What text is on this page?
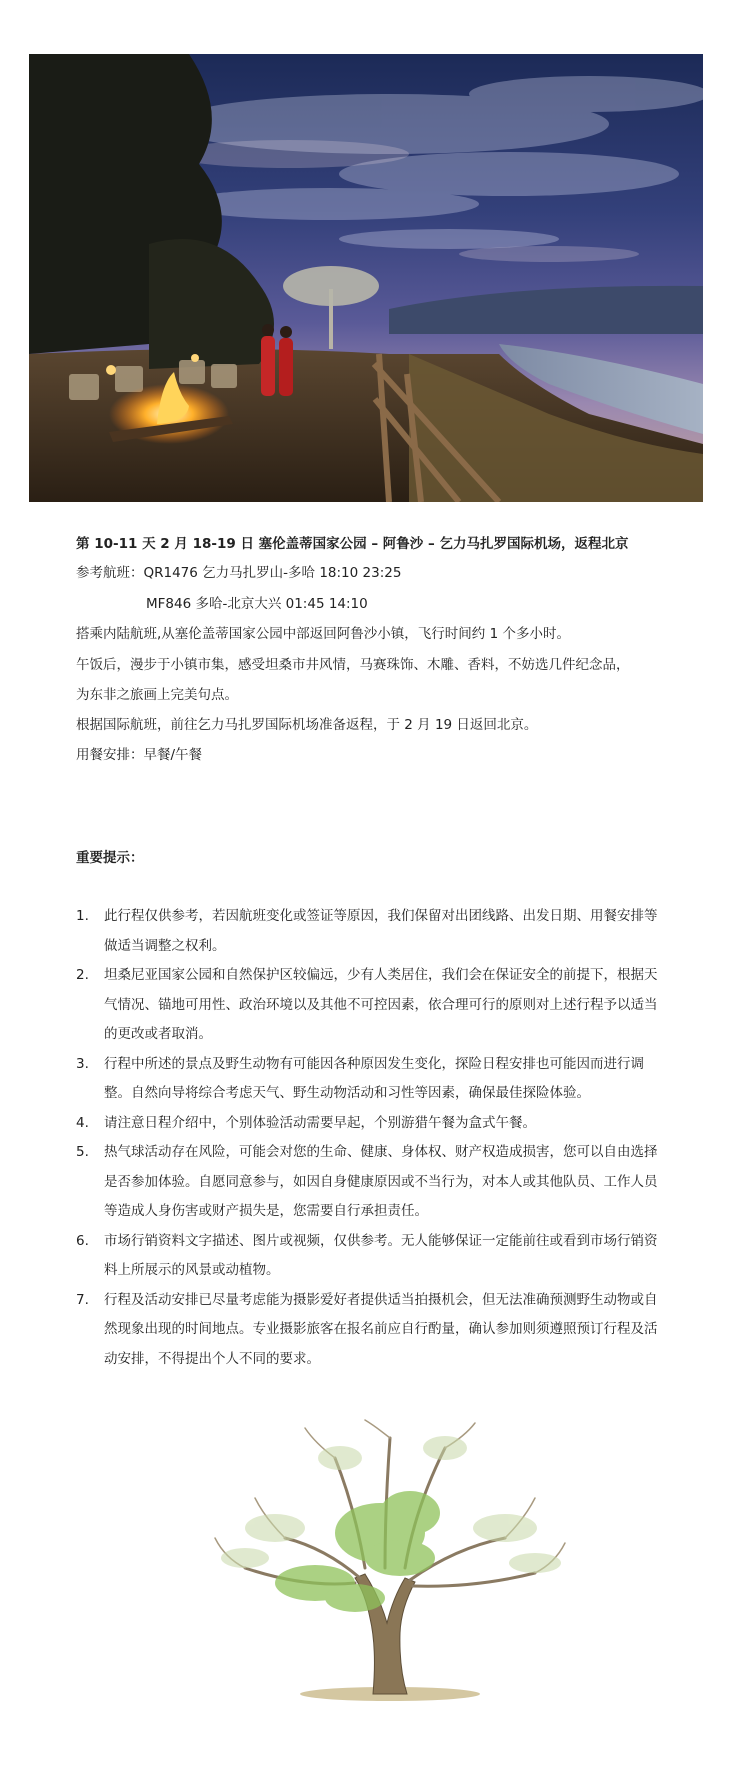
第 10-11 天 2 月 18-19 日 塞伦盖蒂国家公园 – 阿鲁沙 – 乞力马扎罗国际机场，返程北京
参考航班：QR1476 乞力马扎罗山-多哈 18:10 23:25
MF846 多哈-北京大兴 01:45 14:10
搭乘内陆航班,从塞伦盖蒂国家公园中部返回阿鲁沙小镇，飞行时间约 1 个多小时。
午饭后，漫步于小镇市集，感受坦桑市井风情，马赛珠饰、木雕、香料，不妨选几件纪念品，
为东非之旅画上完美句点。
根据国际航班，前往乞力马扎罗国际机场准备返程，于 2 月 19 日返回北京。
用餐安排：早餐/午餐
重要提示：
1. 此行程仅供参考，若因航班变化或签证等原因，我们保留对出团线路、出发日期、用餐安排等做适当调整之权利。
2. 坦桑尼亚国家公园和自然保护区较偏远，少有人类居住，我们会在保证安全的前提下，根据天气情况、锚地可用性、政治环境以及其他不可控因素，依合理可行的原则对上述行程予以适当的更改或者取消。
3. 行程中所述的景点及野生动物有可能因各种原因发生变化，探险日程安排也可能因而进行调整。自然向导将综合考虑天气、野生动物活动和习性等因素，确保最佳探险体验。
4. 请注意日程介绍中，个别体验活动需要早起，个别游猎午餐为盒式午餐。
5. 热气球活动存在风险，可能会对您的生命、健康、身体权、财产权造成损害，您可以自由选择是否参加体验。自愿同意参与，如因自身健康原因或不当行为，对本人或其他队员、工作人员等造成人身伤害或财产损失是，您需要自行承担责任。
6. 市场行销资料文字描述、图片或视频，仅供参考。无人能够保证一定能前往或看到市场行销资料上所展示的风景或动植物。
7. 行程及活动安排已尽量考虑能为摄影爱好者提供适当拍摄机会，但无法准确预测野生动物或自然现象出现的时间地点。专业摄影旅客在报名前应自行酌量，确认参加则须遵照预订行程及活动安排，不得提出个人不同的要求。
